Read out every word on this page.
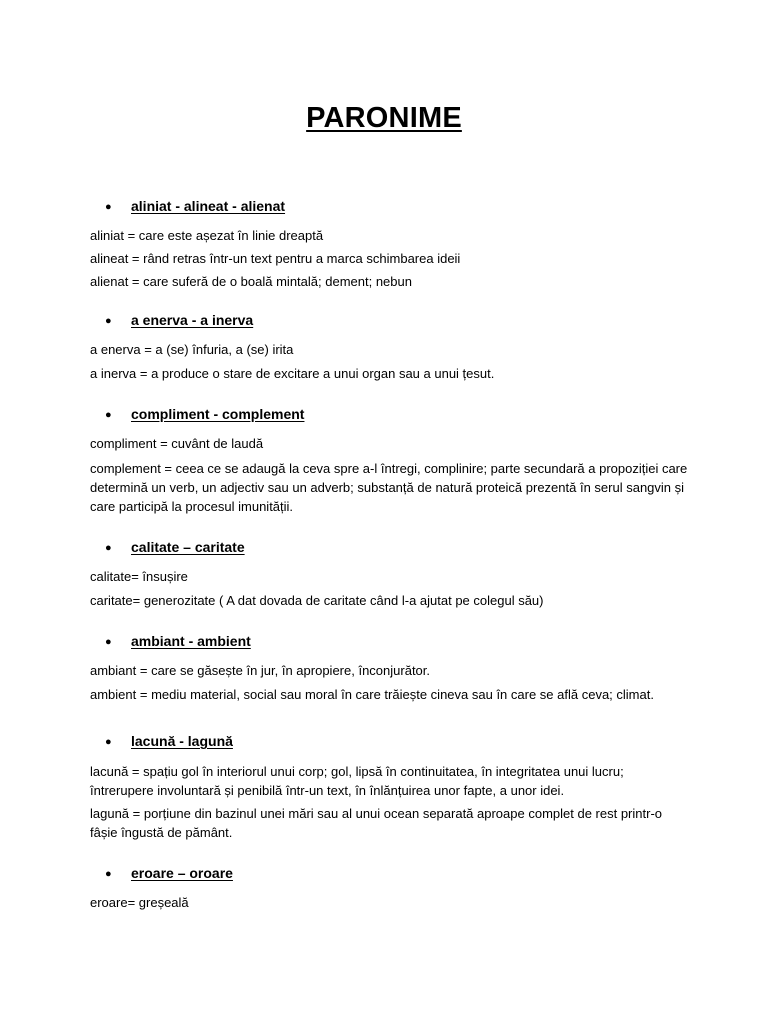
PARONIME
● aliniat - alineat - alienat
aliniat = care este așezat în linie dreaptă
alineat = rând retras într-un text pentru a marca schimbarea ideii
alienat = care suferă de o boală mintală; dement; nebun
● a enerva - a inerva
a enerva = a (se) înfuria, a (se) irita
a inerva = a produce o stare de excitare a unui organ sau a unui țesut.
● compliment - complement
compliment = cuvânt de laudă
complement = ceea ce se adaugă la ceva spre a-l întregi, complinire; parte secundară a propoziției care
determină un verb, un adjectiv sau un adverb; substanță de natură proteică prezentă în serul sangvin și
care participă la procesul imunității.
● calitate – caritate
calitate= însușire
caritate= generozitate ( A dat dovada de caritate când l-a ajutat pe colegul său)
● ambiant - ambient
ambiant = care se găsește în jur, în apropiere, înconjurător.
ambient = mediu material, social sau moral în care trăiește cineva sau în care se află ceva; climat.
● lacună - lagună
lacună = spațiu gol în interiorul unui corp; gol, lipsă în continuitatea, în integritatea unui lucru;
întrerupere involuntară și penibilă într-un text, în înlănțuirea unor fapte, a unor idei.
lagună = porțiune din bazinul unei mări sau al unui ocean separată aproape complet de rest printr-o
fâșie îngustă de pământ.
● eroare – oroare
eroare= greșeală
